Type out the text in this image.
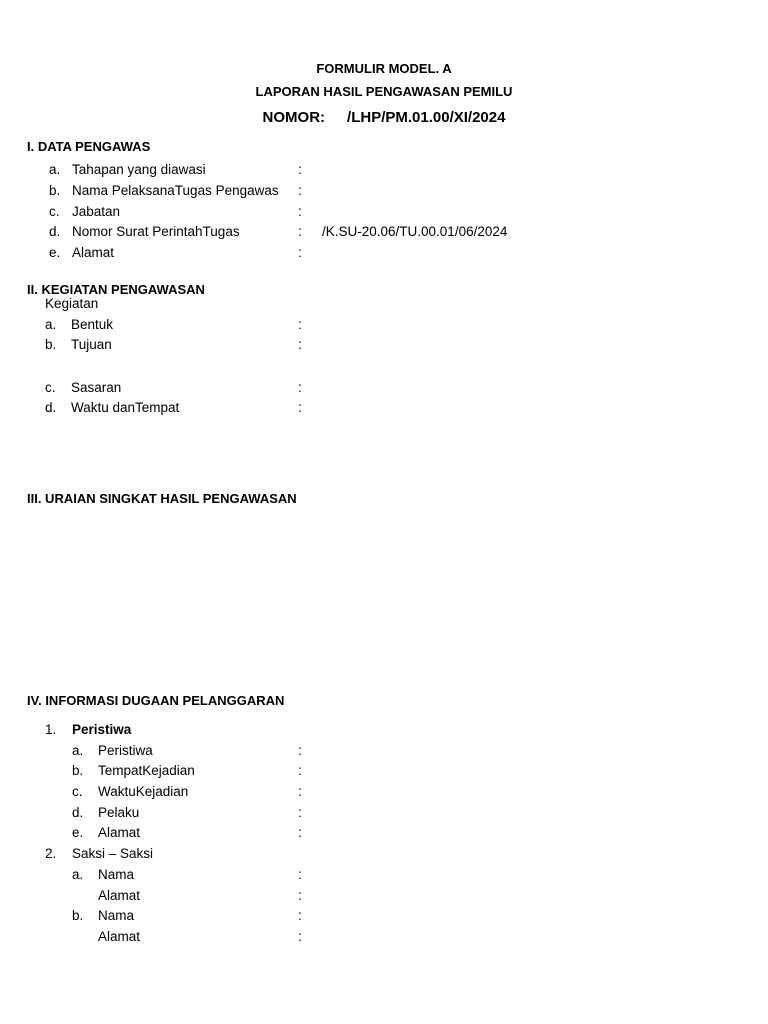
FORMULIR MODEL. A
LAPORAN HASIL PENGAWASAN PEMILU
NOMOR: /LHP/PM.01.00/XI/2024
I. DATA PENGAWAS
a. Tahapan yang diawasi	:
b. Nama PelaksanaTugas Pengawas :
c. Jabatan	:
d. Nomor Surat PerintahTugas	: /K.SU-20.06/TU.00.01/06/2024
e. Alamat	:
II. KEGIATAN PENGAWASAN
Kegiatan
a. Bentuk	:
b. Tujuan	:
c. Sasaran	:
d. Waktu danTempat	:
III. URAIAN SINGKAT HASIL PENGAWASAN
IV. INFORMASI DUGAAN PELANGGARAN
1. Peristiwa
a. Peristiwa	:
b. TempatKejadian	:
c. WaktuKejadian	:
d. Pelaku	:
e. Alamat	:
2. Saksi – Saksi
a. Nama	:
Alamat	:
b. Nama	:
Alamat	:
